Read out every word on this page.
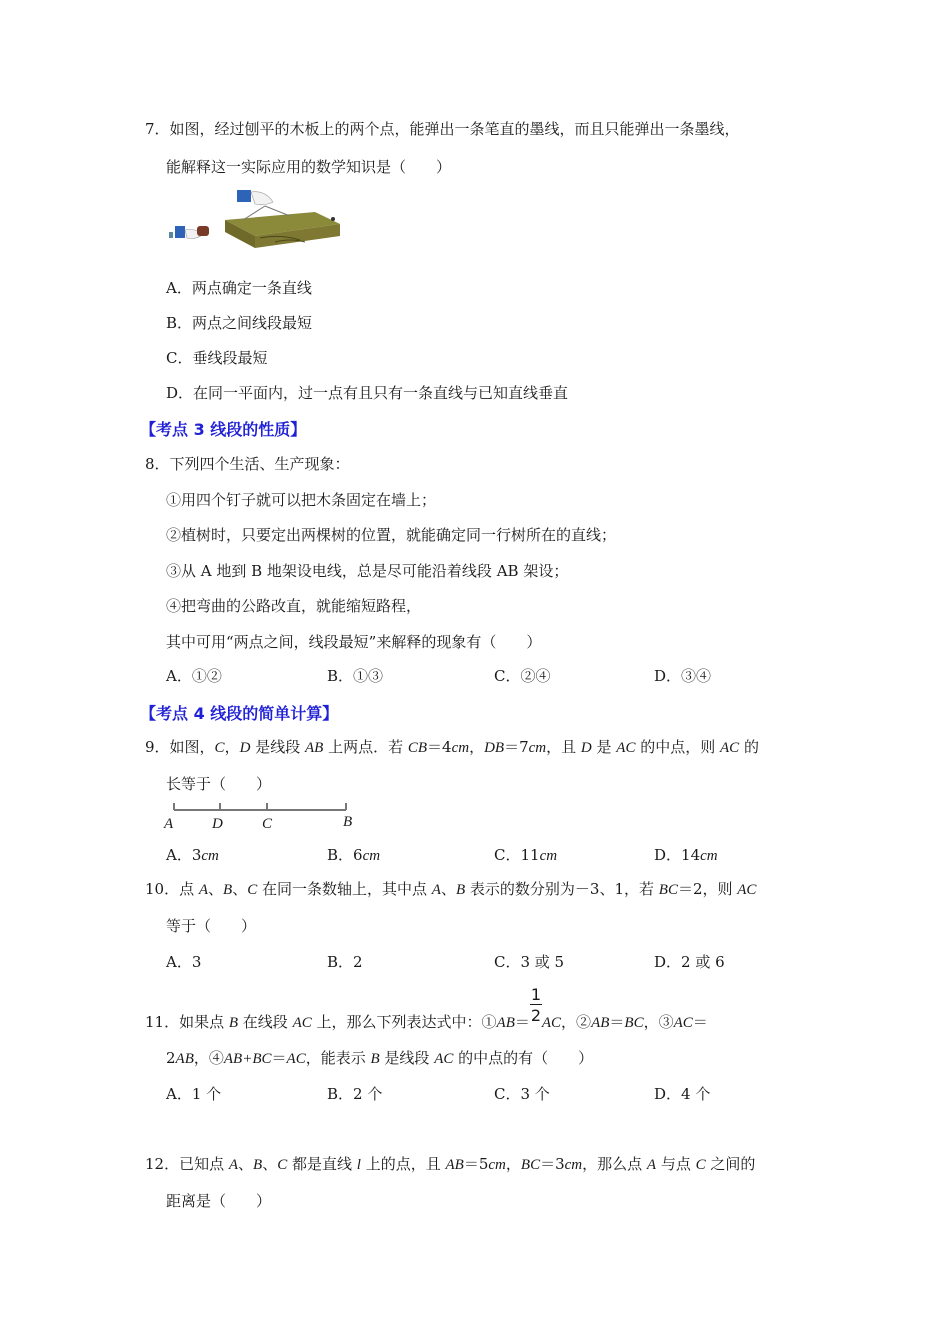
7．如图，经过刨平的木板上的两个点，能弹出一条笔直的墨线，而且只能弹出一条墨线，
能解释这一实际应用的数学知识是（　　）
A．两点确定一条直线
B．两点之间线段最短
C．垂线段最短
D．在同一平面内，过一点有且只有一条直线与已知直线垂直
【考点 3 线段的性质】
8．下列四个生活、生产现象：
①用四个钉子就可以把木条固定在墙上；
②植树时，只要定出两棵树的位置，就能确定同一行树所在的直线；
③从 A 地到 B 地架设电线，总是尽可能沿着线段 AB 架设；
④把弯曲的公路改直，就能缩短路程，
其中可用“两点之间，线段最短”来解释的现象有（　　）
A．①②	B．①③	C．②④	D．③④
【考点 4 线段的简单计算】
9．如图，C，D 是线段 AB 上两点．若 CB＝4cm，DB＝7cm，且 D 是 AC 的中点，则 AC 的
长等于（　　）
A	D	C	B
A．3cm	B．6cm	C．11cm	D．14cm
10．点 A、B、C 在同一条数轴上，其中点 A、B 表示的数分别为－3、1，若 BC＝2，则 AC
等于（　　）
A．3	B．2	C．3 或 5	D．2 或 6
11．如果点 B 在线段 AC 上，那么下列表达式中：①AB＝ $\frac{1}{2}$ AC，②AB＝BC，③AC＝
2AB，④AB+BC＝AC，能表示 B 是线段 AC 的中点的有（　　）
A．1 个	B．2 个	C．3 个	D．4 个
12．已知点 A、B、C 都是直线 l 上的点，且 AB＝5cm，BC＝3cm，那么点 A 与点 C 之间的
距离是（　　）
